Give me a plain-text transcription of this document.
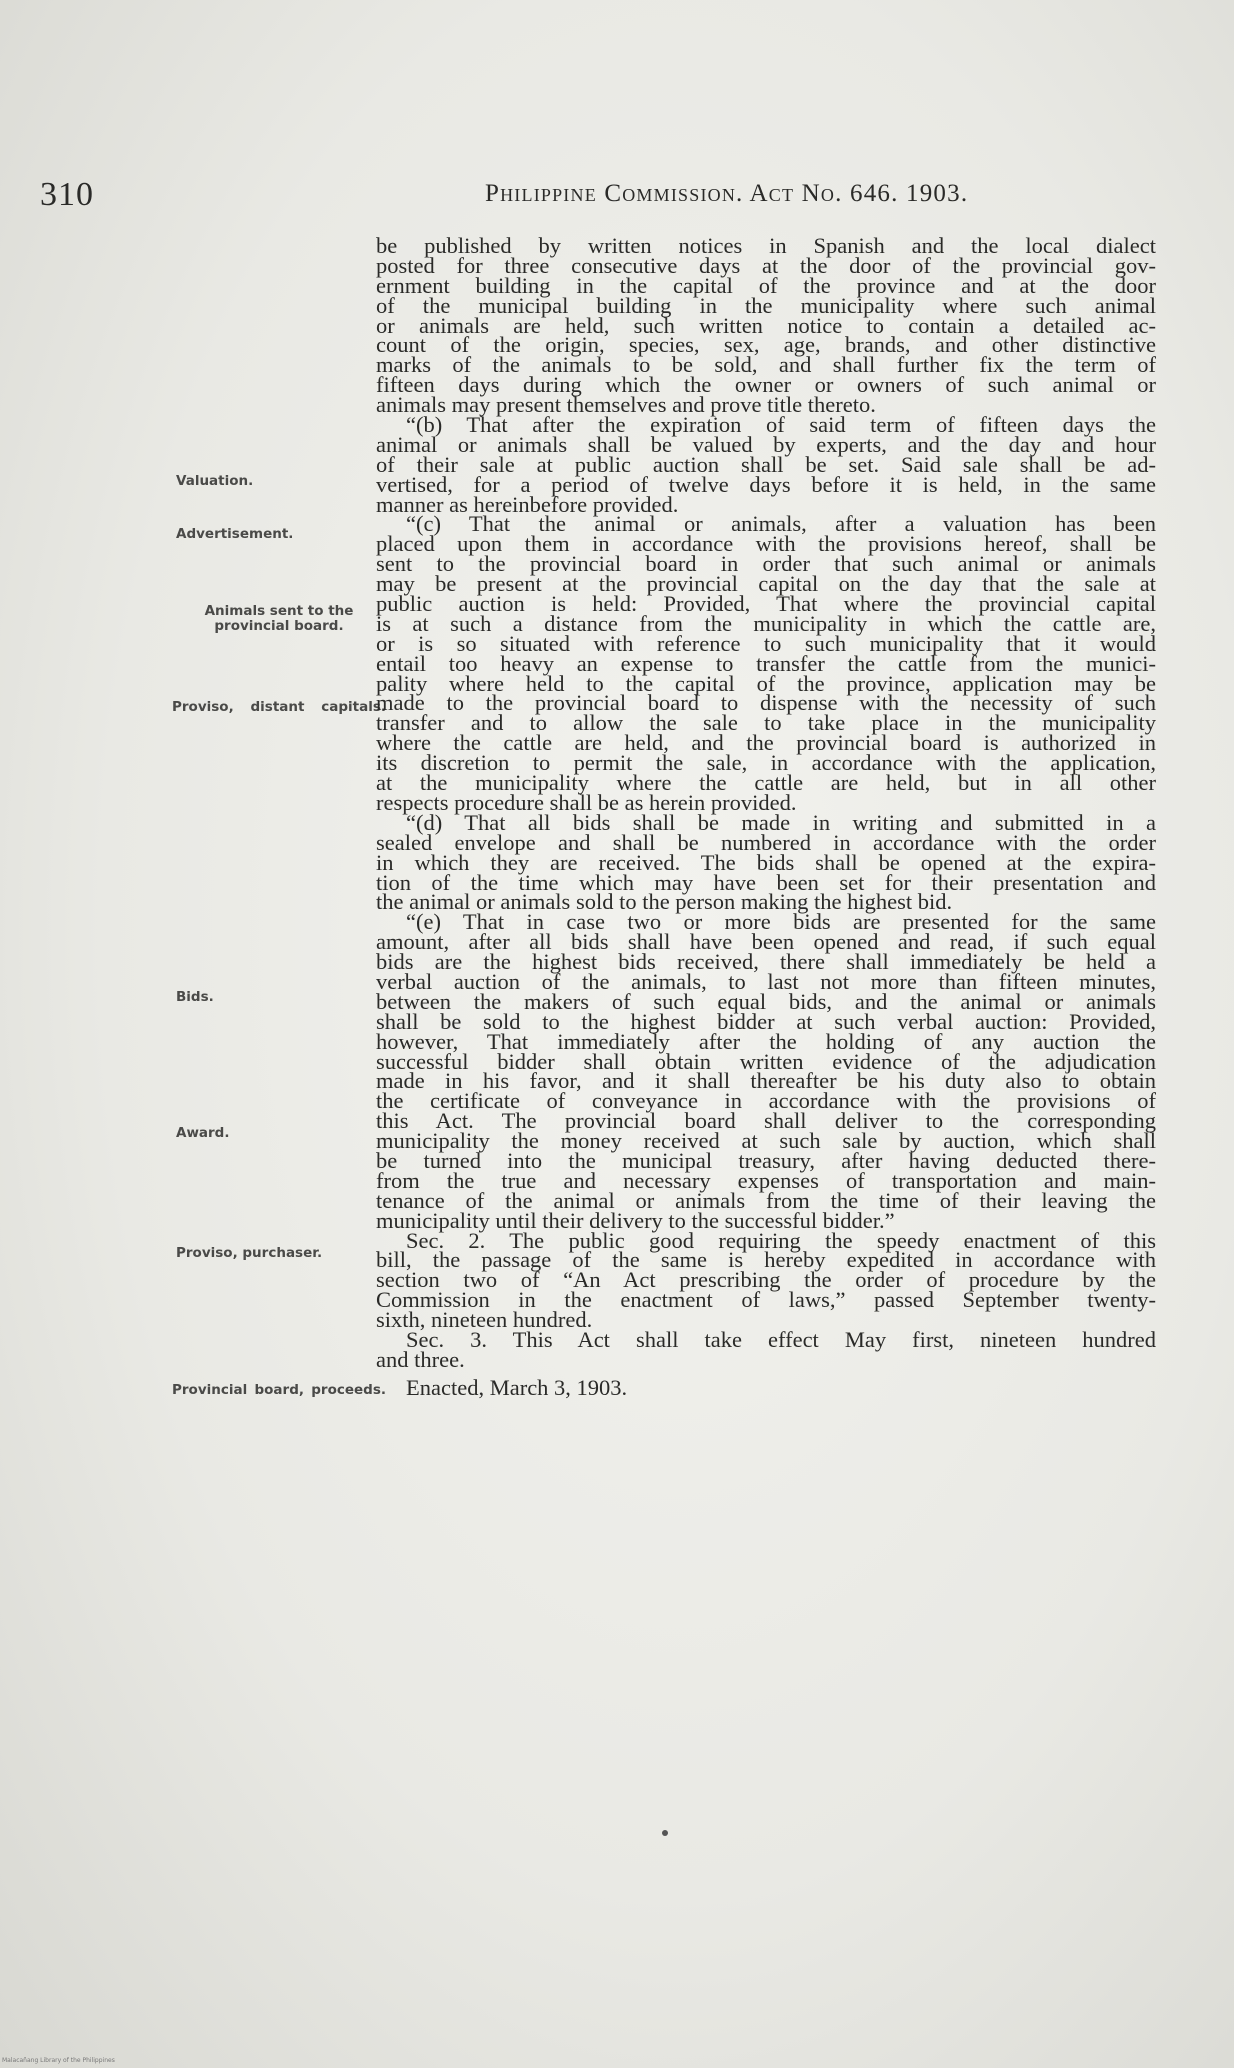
310	Philippine Commission. Act No. 646. 1903.
Valuation.
Advertisement.
Animals sent to the provincial board.
Proviso, distant capitals.
Bids.
Award.
Proviso, purchaser.
Provincial board, proceeds.
be published by written notices in Spanish and the local dialect
posted for three consecutive days at the door of the provincial gov-
ernment building in the capital of the province and at the door
of the municipal building in the municipality where such animal
or animals are held, such written notice to contain a detailed ac-
count of the origin, species, sex, age, brands, and other distinctive
marks of the animals to be sold, and shall further fix the term of
fifteen days during which the owner or owners of such animal or
animals may present themselves and prove title thereto.
“(b) That after the expiration of said term of fifteen days the
animal or animals shall be valued by experts, and the day and hour
of their sale at public auction shall be set. Said sale shall be ad-
vertised, for a period of twelve days before it is held, in the same
manner as hereinbefore provided.
“(c) That the animal or animals, after a valuation has been
placed upon them in accordance with the provisions hereof, shall be
sent to the provincial board in order that such animal or animals
may be present at the provincial capital on the day that the sale at
public auction is held: Provided, That where the provincial capital
is at such a distance from the municipality in which the cattle are,
or is so situated with reference to such municipality that it would
entail too heavy an expense to transfer the cattle from the munici-
pality where held to the capital of the province, application may be
made to the provincial board to dispense with the necessity of such
transfer and to allow the sale to take place in the municipality
where the cattle are held, and the provincial board is authorized in
its discretion to permit the sale, in accordance with the application,
at the municipality where the cattle are held, but in all other
respects procedure shall be as herein provided.
“(d) That all bids shall be made in writing and submitted in a
sealed envelope and shall be numbered in accordance with the order
in which they are received. The bids shall be opened at the expira-
tion of the time which may have been set for their presentation and
the animal or animals sold to the person making the highest bid.
“(e) That in case two or more bids are presented for the same
amount, after all bids shall have been opened and read, if such equal
bids are the highest bids received, there shall immediately be held a
verbal auction of the animals, to last not more than fifteen minutes,
between the makers of such equal bids, and the animal or animals
shall be sold to the highest bidder at such verbal auction: Provided,
however, That immediately after the holding of any auction the
successful bidder shall obtain written evidence of the adjudication
made in his favor, and it shall thereafter be his duty also to obtain
the certificate of conveyance in accordance with the provisions of
this Act. The provincial board shall deliver to the corresponding
municipality the money received at such sale by auction, which shall
be turned into the municipal treasury, after having deducted there-
from the true and necessary expenses of transportation and main-
tenance of the animal or animals from the time of their leaving the
municipality until their delivery to the successful bidder.”
Sec. 2. The public good requiring the speedy enactment of this
bill, the passage of the same is hereby expedited in accordance with
section two of “An Act prescribing the order of procedure by the
Commission in the enactment of laws,” passed September twenty-
sixth, nineteen hundred.
Sec. 3. This Act shall take effect May first, nineteen hundred
and three.
Enacted, March 3, 1903.
Malacañang Library of the Philippines
